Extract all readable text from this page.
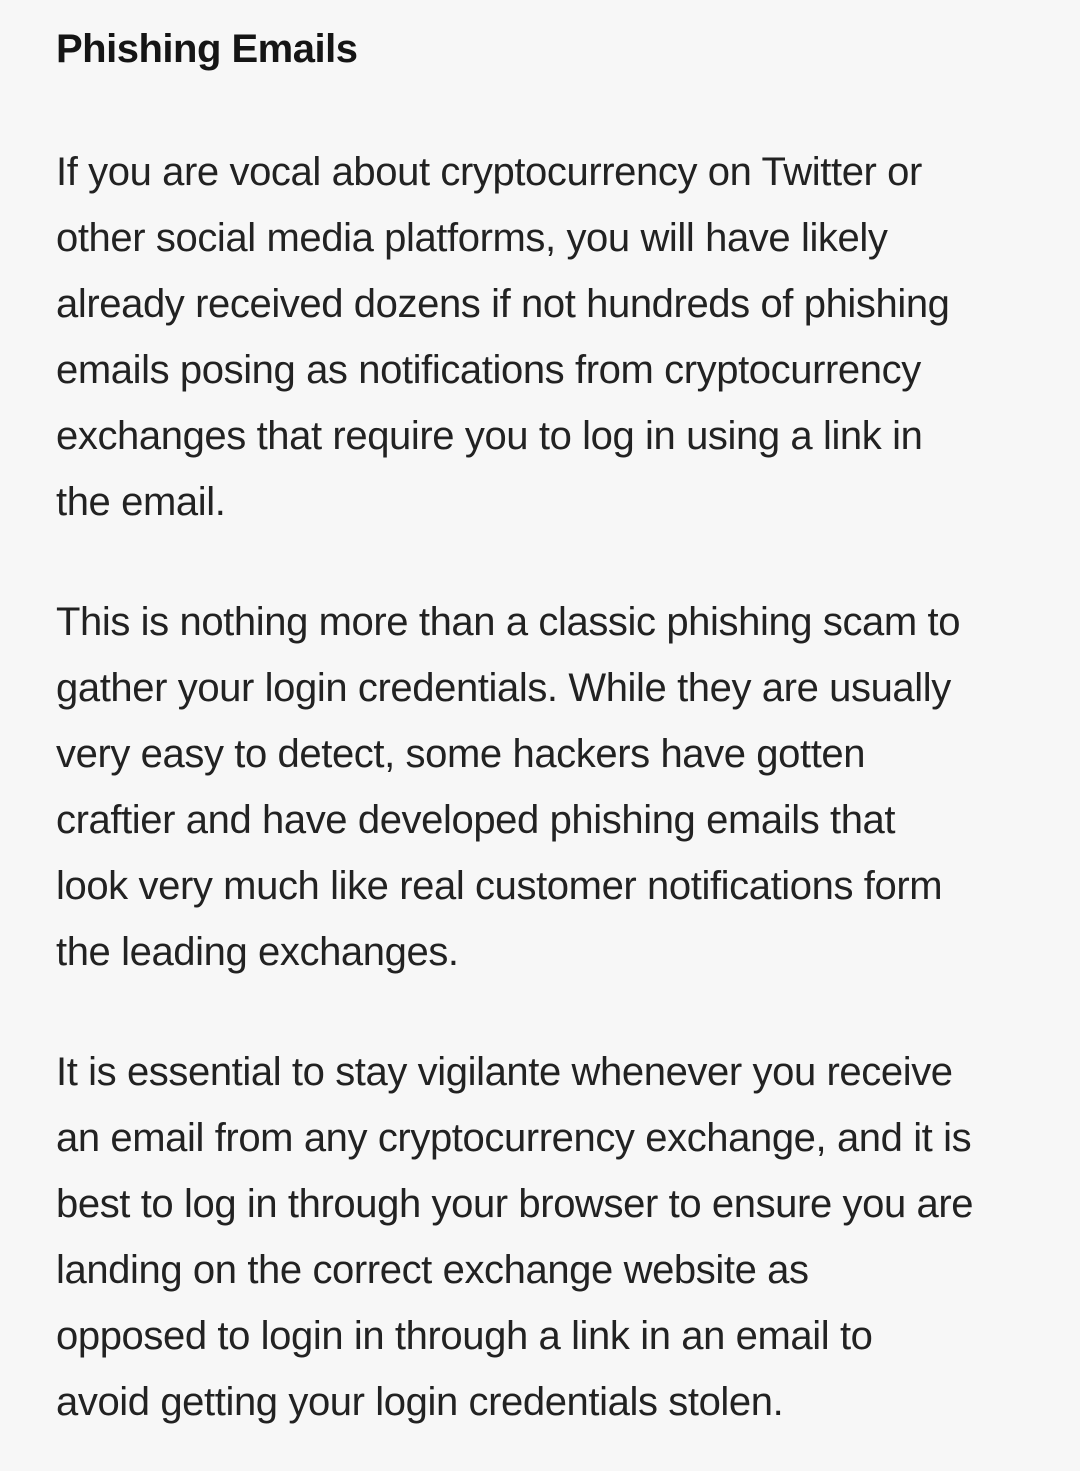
Phishing Emails

If you are vocal about cryptocurrency on Twitter or
other social media platforms, you will have likely
already received dozens if not hundreds of phishing
emails posing as notifications from cryptocurrency
exchanges that require you to log in using a link in
the email.

This is nothing more than a classic phishing scam to
gather your login credentials. While they are usually
very easy to detect, some hackers have gotten
craftier and have developed phishing emails that
look very much like real customer notifications form
the leading exchanges.

It is essential to stay vigilante whenever you receive
an email from any cryptocurrency exchange, and it is
best to log in through your browser to ensure you are
landing on the correct exchange website as
opposed to login in through a link in an email to
avoid getting your login credentials stolen.
